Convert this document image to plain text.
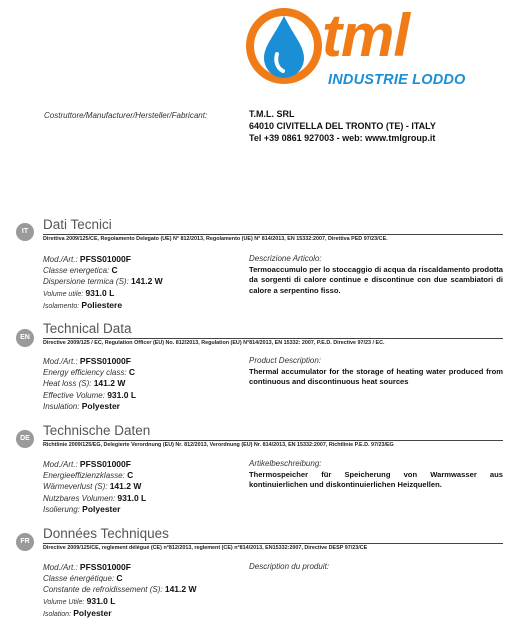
tml
INDUSTRIE LODDO
Costruttore/Manufacturer/Hersteller/Fabricant:	T.M.L. SRL
64010 CIVITELLA DEL TRONTO (TE) - ITALY
Tel +39 0861 927003 - web: www.tmlgroup.it
IT	Dati Tecnici
Direttiva 2009/125/CE, Regolamento Delegato (UE) N° 812/2013, Regolamento (UE) N° 814/2013, EN 15332:2007, Direttiva PED 97/23/CE.
Mod./Art.: PFSS01000F
Classe energetica: C
Dispersione termica (S): 141.2 W
Volume utile: 931.0 L
Isolamento: Poliestere
Descrizione Articolo:
Termoaccumulo per lo stoccaggio di acqua da riscaldamento prodotta da sorgenti di calore continue e discontinue con due scambiatori di calore a serpentino fisso.
EN
Technical Data
Directive 2009/125 / EC, Regulation Officer (EU) No. 812/2013, Regulation (EU) N°814/2013, EN 15332: 2007, P.E.D. Directive 97/23 / EC.
Mod./Art.: PFSS01000F
Energy efficiency class: C
Heat loss (S): 141.2 W
Effective Volume: 931.0 L
Insulation: Polyester
Product Description:
Thermal accumulator for the storage of heating water produced from continuous and discontinuous heat sources
DE
Technische Daten
Richtlinie 2009/125/EG, Delegierte Verordnung (EU) Nr. 812/2013, Verordnung (EU) Nr. 814/2013, EN 15332:2007, Richtlinie P.E.D. 97/23/EG
Mod./Art.: PFSS01000F
Energieeffizienzklasse: C
Wärmeverlust (S): 141.2 W
Nutzbares Volumen: 931.0 L
Isolierung: Polyester
Artikelbeschreibung:
Thermospeicher für Speicherung von Warmwasser aus kontinuierlichen und diskontinuierlichen Heizquellen.
FR
Données Techniques
Directive 2009/125/CE, reglement délégué (CE) n°812/2013, reglement (CE) n°814/2013, EN15332:2007, Directive DESP 97/23/CE
Mod./Art.: PFSS01000F
Classe énergétique: C
Constante de refroidissement (S): 141.2 W
Volume Utile: 931.0 L
Isolation: Polyester
Description du produit:
